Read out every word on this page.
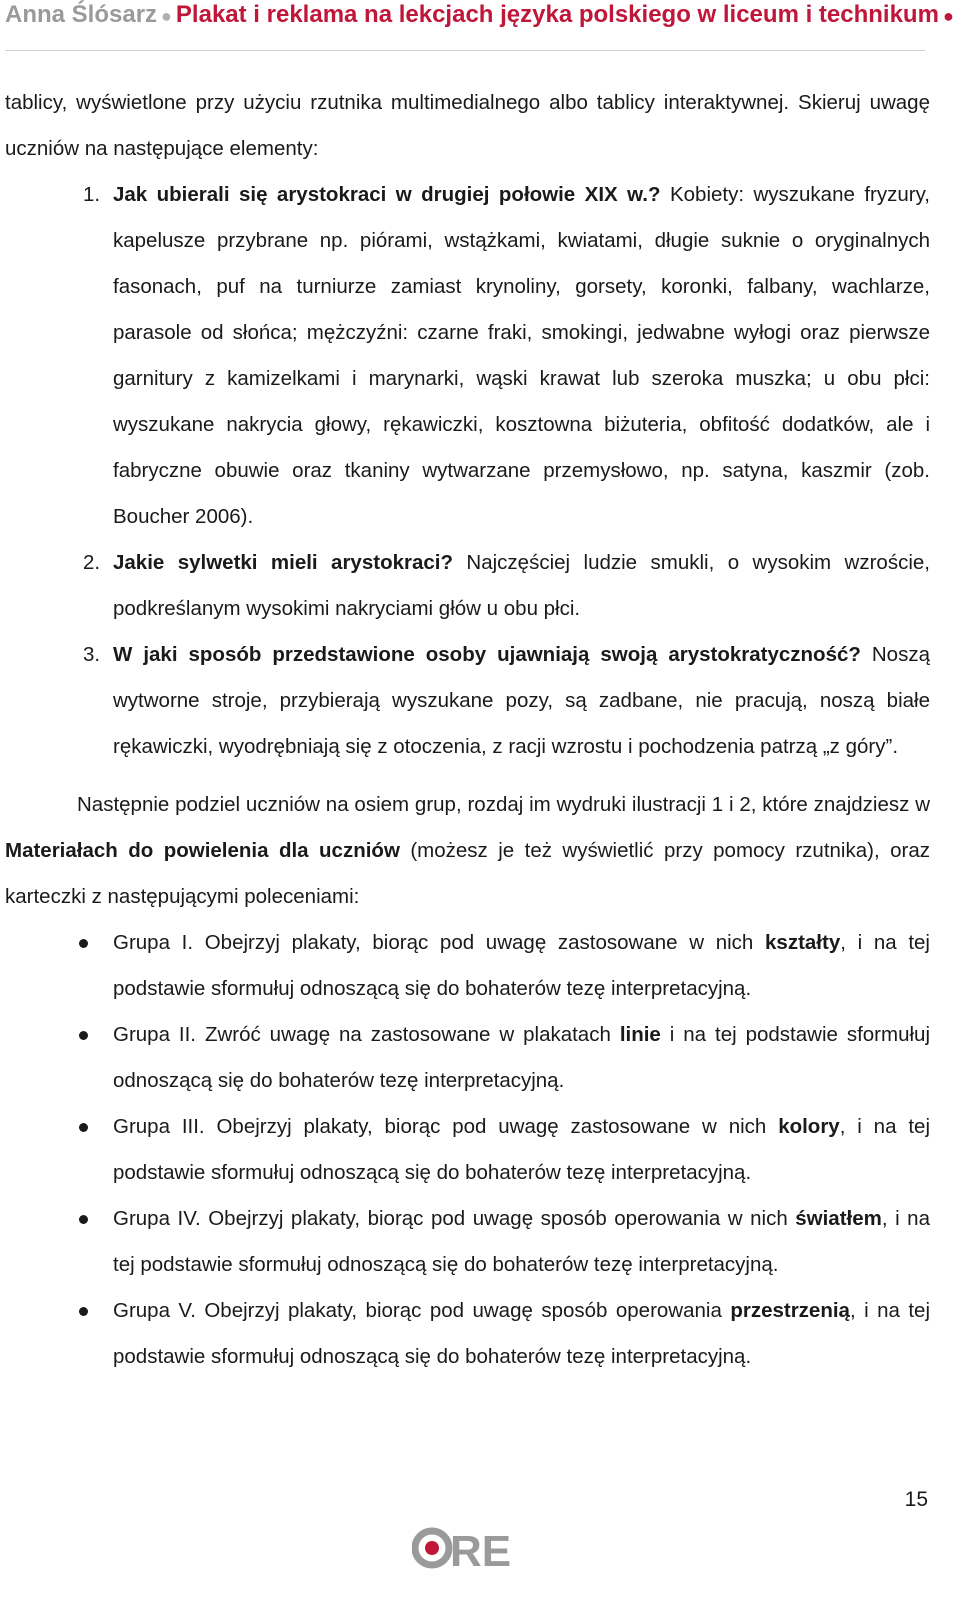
Anna Ślósarz ● Plakat i reklama na lekcjach języka polskiego w liceum i technikum ●

tablicy, wyświetlone przy użyciu rzutnika multimedialnego albo tablicy interaktywnej. Skieruj uwagę uczniów na następujące elementy:

1. Jak ubierali się arystokraci w drugiej połowie XIX w.? Kobiety: wyszukane fryzury, kapelusze przybrane np. piórami, wstążkami, kwiatami, długie suknie o oryginalnych fasonach, puf na turniurze zamiast krynoliny, gorsety, koronki, falbany, wachlarze, parasole od słońca; mężczyźni: czarne fraki, smokingi, jedwabne wyłogi oraz pierwsze garnitury z kamizelkami i marynarki, wąski krawat lub szeroka muszka; u obu płci: wyszukane nakrycia głowy, rękawiczki, kosztowna biżuteria, obfitość dodatków, ale i fabryczne obuwie oraz tkaniny wytwarzane przemysłowo, np. satyna, kaszmir (zob. Boucher 2006).
2. Jakie sylwetki mieli arystokraci? Najczęściej ludzie smukli, o wysokim wzroście, podkreślanym wysokimi nakryciami głów u obu płci.
3. W jaki sposób przedstawione osoby ujawniają swoją arystokratyczność? Noszą wytworne stroje, przybierają wyszukane pozy, są zadbane, nie pracują, noszą białe rękawiczki, wyodrębniają się z otoczenia, z racji wzrostu i pochodzenia patrzą „z góry”.

Następnie podziel uczniów na osiem grup, rozdaj im wydruki ilustracji 1 i 2, które znajdziesz w Materiałach do powielenia dla uczniów (możesz je też wyświetlić przy pomocy rzutnika), oraz karteczki z następującymi poleceniami:

Grupa I. Obejrzyj plakaty, biorąc pod uwagę zastosowane w nich kształty, i na tej podstawie sformułuj odnoszącą się do bohaterów tezę interpretacyjną.
Grupa II. Zwróć uwagę na zastosowane w plakatach linie i na tej podstawie sformułuj odnoszącą się do bohaterów tezę interpretacyjną.
Grupa III. Obejrzyj plakaty, biorąc pod uwagę zastosowane w nich kolory, i na tej podstawie sformułuj odnoszącą się do bohaterów tezę interpretacyjną.
Grupa IV. Obejrzyj plakaty, biorąc pod uwagę sposób operowania w nich światłem, i na tej podstawie sformułuj odnoszącą się do bohaterów tezę interpretacyjną.
Grupa V. Obejrzyj plakaty, biorąc pod uwagę sposób operowania przestrzenią, i na tej podstawie sformułuj odnoszącą się do bohaterów tezę interpretacyjną.
15
RE
